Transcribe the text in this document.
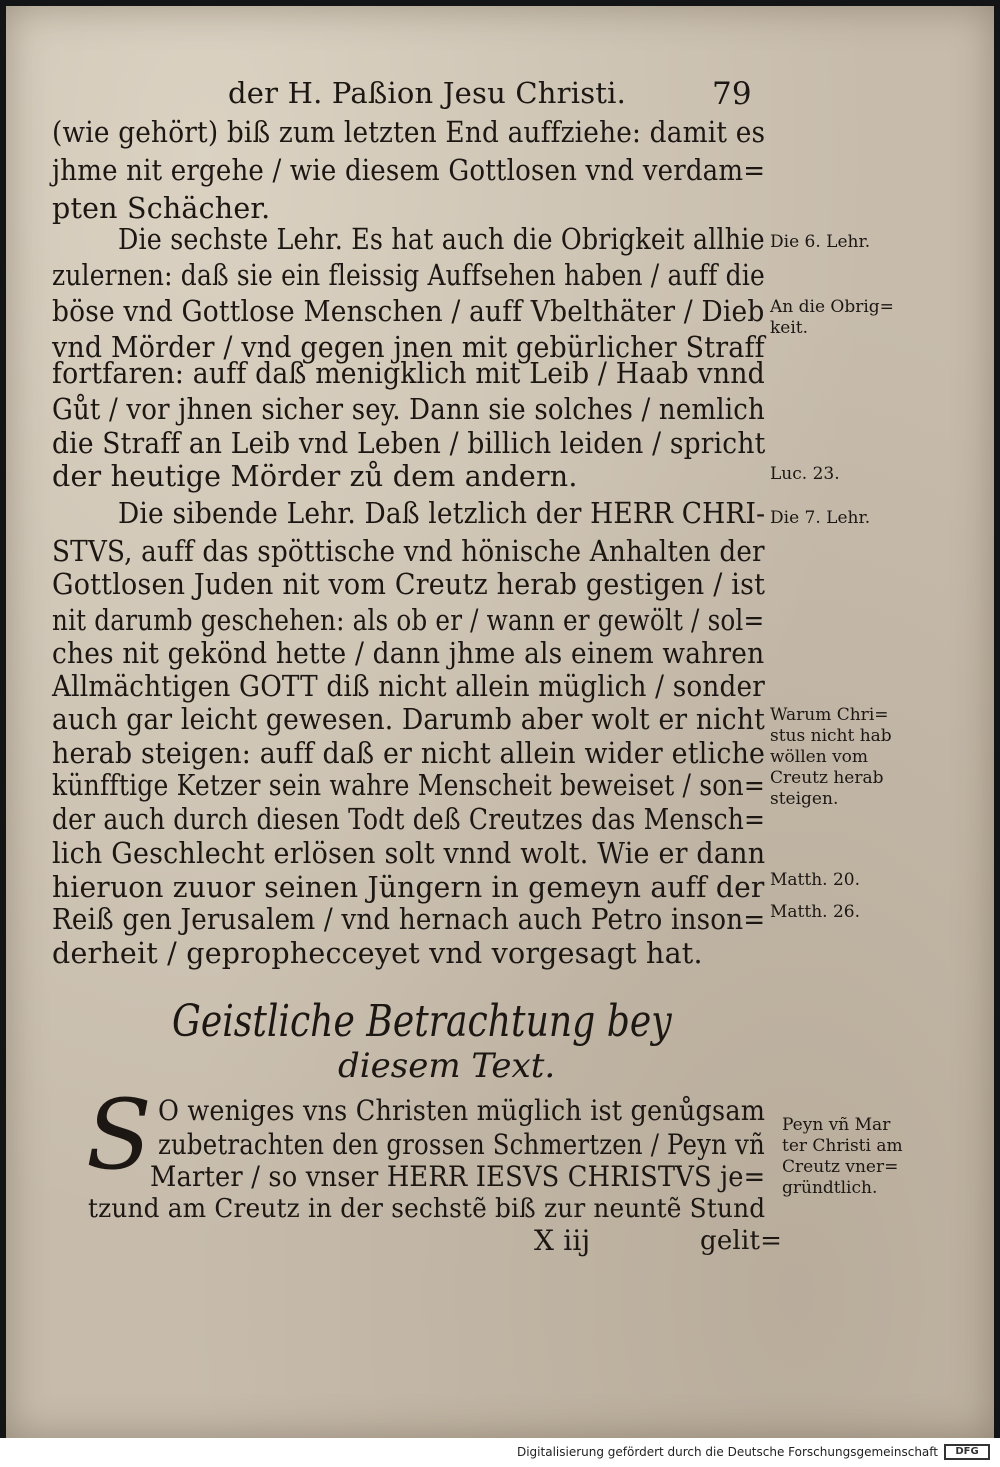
der H. Paßion Jesu Christi.	79
(wie gehört) biß zum letzten End auffziehe: damit es
jhme nit ergehe / wie diesem Gottlosen vnd verdam=
pten Schächer.
Die sechste Lehr. Es hat auch die Obrigkeit allhie
zulernen: daß sie ein fleissig Auffsehen haben / auff die
böse vnd Gottlose Menschen / auff Vbelthäter / Dieb
vnd Mörder / vnd gegen jnen mit gebürlicher Straff
fortfaren: auff daß menigklich mit Leib / Haab vnnd
Gůt / vor jhnen sicher sey. Dann sie solches / nemlich
die Straff an Leib vnd Leben / billich leiden / spricht
der heutige Mörder zů dem andern.
Die sibende Lehr. Daß letzlich der HERR CHRI-
STVS, auff das spöttische vnd hönische Anhalten der
Gottlosen Juden nit vom Creutz herab gestigen / ist
nit darumb geschehen: als ob er / wann er gewölt / sol=
ches nit gekönd hette / dann jhme als einem wahren
Allmächtigen GOTT diß nicht allein müglich / sonder
auch gar leicht gewesen. Darumb aber wolt er nicht
herab steigen: auff daß er nicht allein wider etliche
künfftige Ketzer sein wahre Menscheit beweiset / son=
der auch durch diesen Todt deß Creutzes das Mensch=
lich Geschlecht erlösen solt vnnd wolt. Wie er dann
hieruon zuuor seinen Jüngern in gemeyn auff der
Reiß gen Jerusalem / vnd hernach auch Petro inson=
derheit / geprophecceyet vnd vorgesagt hat.
Geistliche Betrachtung bey
diesem Text.
S O weniges vns Christen müglich ist genůgsam
zubetrachten den grossen Schmertzen / Peyn vñ
Marter / so vnser HERR IESVS CHRISTVS je=
tzund am Creutz in der sechstẽ biß zur neuntẽ Stund
X iij	gelit=
Die 6. Lehr.
An die Obrig=
keit.
Luc. 23.
Die 7. Lehr.
Warum Chri=
stus nicht hab
wöllen vom
Creutz herab
steigen.
Matth. 20.
Matth. 26.
Peyn vñ Mar
ter Christi am
Creutz vner=
gründtlich.
Digitalisierung gefördert durch die Deutsche Forschungsgemeinschaft	DFG
